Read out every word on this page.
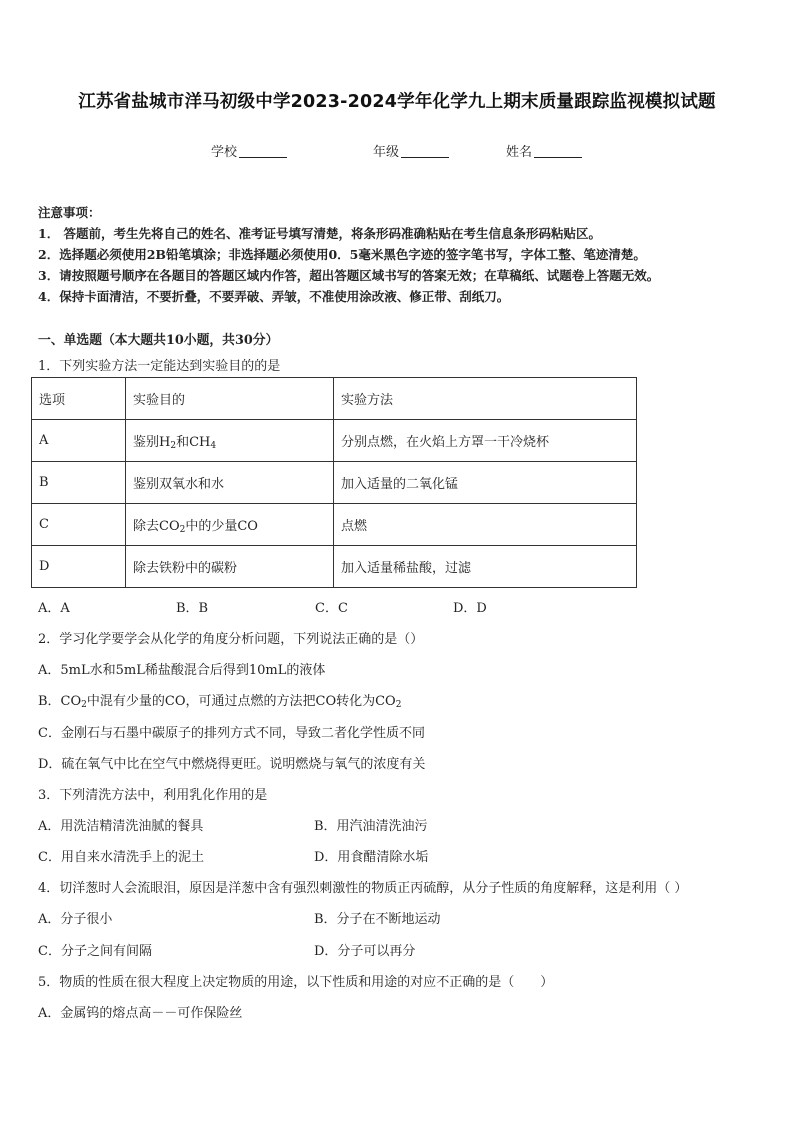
江苏省盐城市洋马初级中学2023-2024学年化学九上期末质量跟踪监视模拟试题
学校	年级	姓名
注意事项：
1． 答题前，考生先将自己的姓名、准考证号填写清楚，将条形码准确粘贴在考生信息条形码粘贴区。
2．选择题必须使用2B铅笔填涂；非选择题必须使用0．5毫米黑色字迹的签字笔书写，字体工整、笔迹清楚。
3．请按照题号顺序在各题目的答题区域内作答，超出答题区域书写的答案无效；在草稿纸、试题卷上答题无效。
4．保持卡面清洁，不要折叠，不要弄破、弄皱，不准使用涂改液、修正带、刮纸刀。
一、单选题（本大题共10小题，共30分）
1．下列实验方法一定能达到实验目的的是
选项	实验目的	实验方法
A	鉴别$H_2$和$CH_4$	分别点燃，在火焰上方罩一干冷烧杯
B	鉴别双氧水和水	加入适量的二氧化锰
C	除去$CO_2$中的少量CO	点燃
D	除去铁粉中的碳粉	加入适量稀盐酸，过滤
A．A	B．B	C．C	D．D
2．学习化学要学会从化学的角度分析问题，下列说法正确的是（）
A．5mL水和5mL稀盐酸混合后得到10mL的液体
B．$CO_2$中混有少量的CO，可通过点燃的方法把CO转化为$CO_2$
C．金刚石与石墨中碳原子的排列方式不同，导致二者化学性质不同
D．硫在氧气中比在空气中燃烧得更旺。说明燃烧与氧气的浓度有关
3．下列清洗方法中，利用乳化作用的是
A．用洗洁精清洗油腻的餐具	B．用汽油清洗油污
C．用自来水清洗手上的泥土	D．用食醋清除水垢
4．切洋葱时人会流眼泪，原因是洋葱中含有强烈刺激性的物质正丙硫醇，从分子性质的角度解释，这是利用（ ）
A．分子很小	B．分子在不断地运动
C．分子之间有间隔	D．分子可以再分
5．物质的性质在很大程度上决定物质的用途，以下性质和用途的对应不正确的是（　　）
A．金属钨的熔点高－－可作保险丝
